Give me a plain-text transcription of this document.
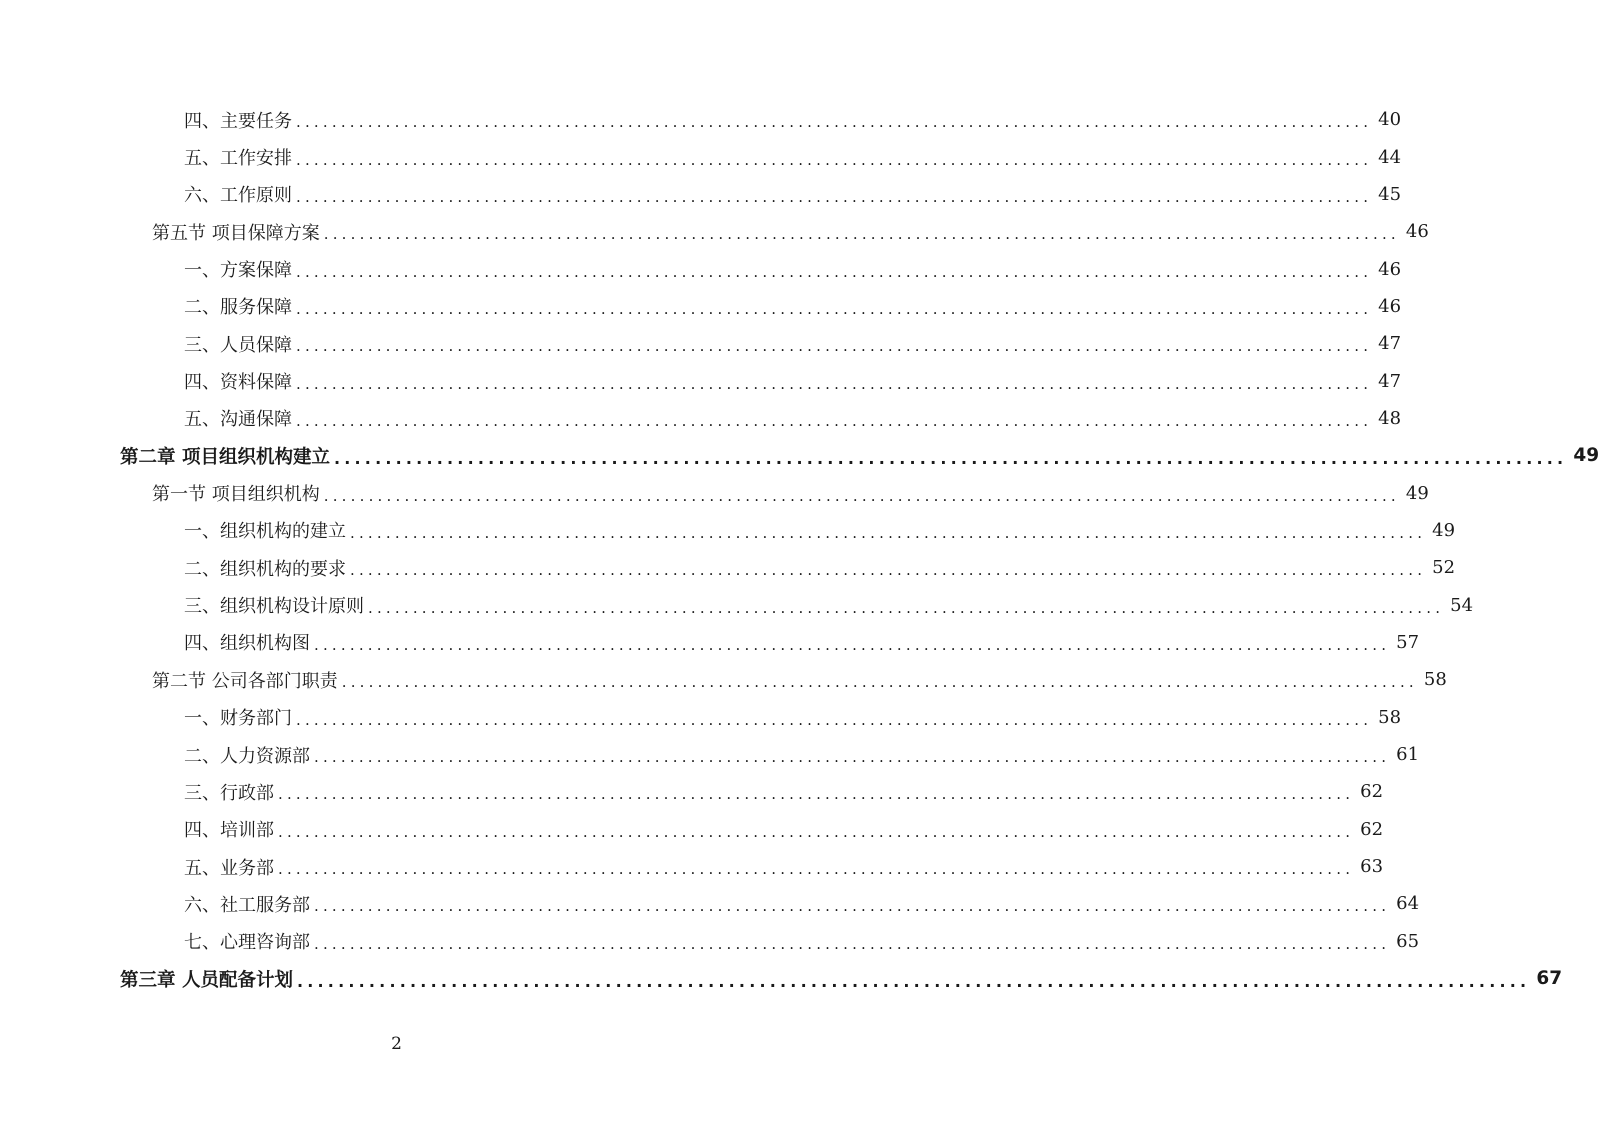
四、主要任务 ........................................................................................................................ 40
五、工作安排 ........................................................................................................................ 44
六、工作原则 ........................................................................................................................ 45
第五节 项目保障方案 ........................................................................................................................ 46
一、方案保障 ........................................................................................................................ 46
二、服务保障 ........................................................................................................................ 46
三、人员保障 ........................................................................................................................ 47
四、资料保障 ........................................................................................................................ 47
五、沟通保障 ........................................................................................................................ 48
第二章 项目组织机构建立 ........................................................................................................................ 49
第一节 项目组织机构 ........................................................................................................................ 49
一、组织机构的建立 ........................................................................................................................ 49
二、组织机构的要求 ........................................................................................................................ 52
三、组织机构设计原则 ........................................................................................................................ 54
四、组织机构图 ........................................................................................................................ 57
第二节 公司各部门职责 ........................................................................................................................ 58
一、财务部门 ........................................................................................................................ 58
二、人力资源部 ........................................................................................................................ 61
三、行政部 ........................................................................................................................ 62
四、培训部 ........................................................................................................................ 62
五、业务部 ........................................................................................................................ 63
六、社工服务部 ........................................................................................................................ 64
七、心理咨询部 ........................................................................................................................ 65
第三章 人员配备计划 ........................................................................................................................ 67
2
